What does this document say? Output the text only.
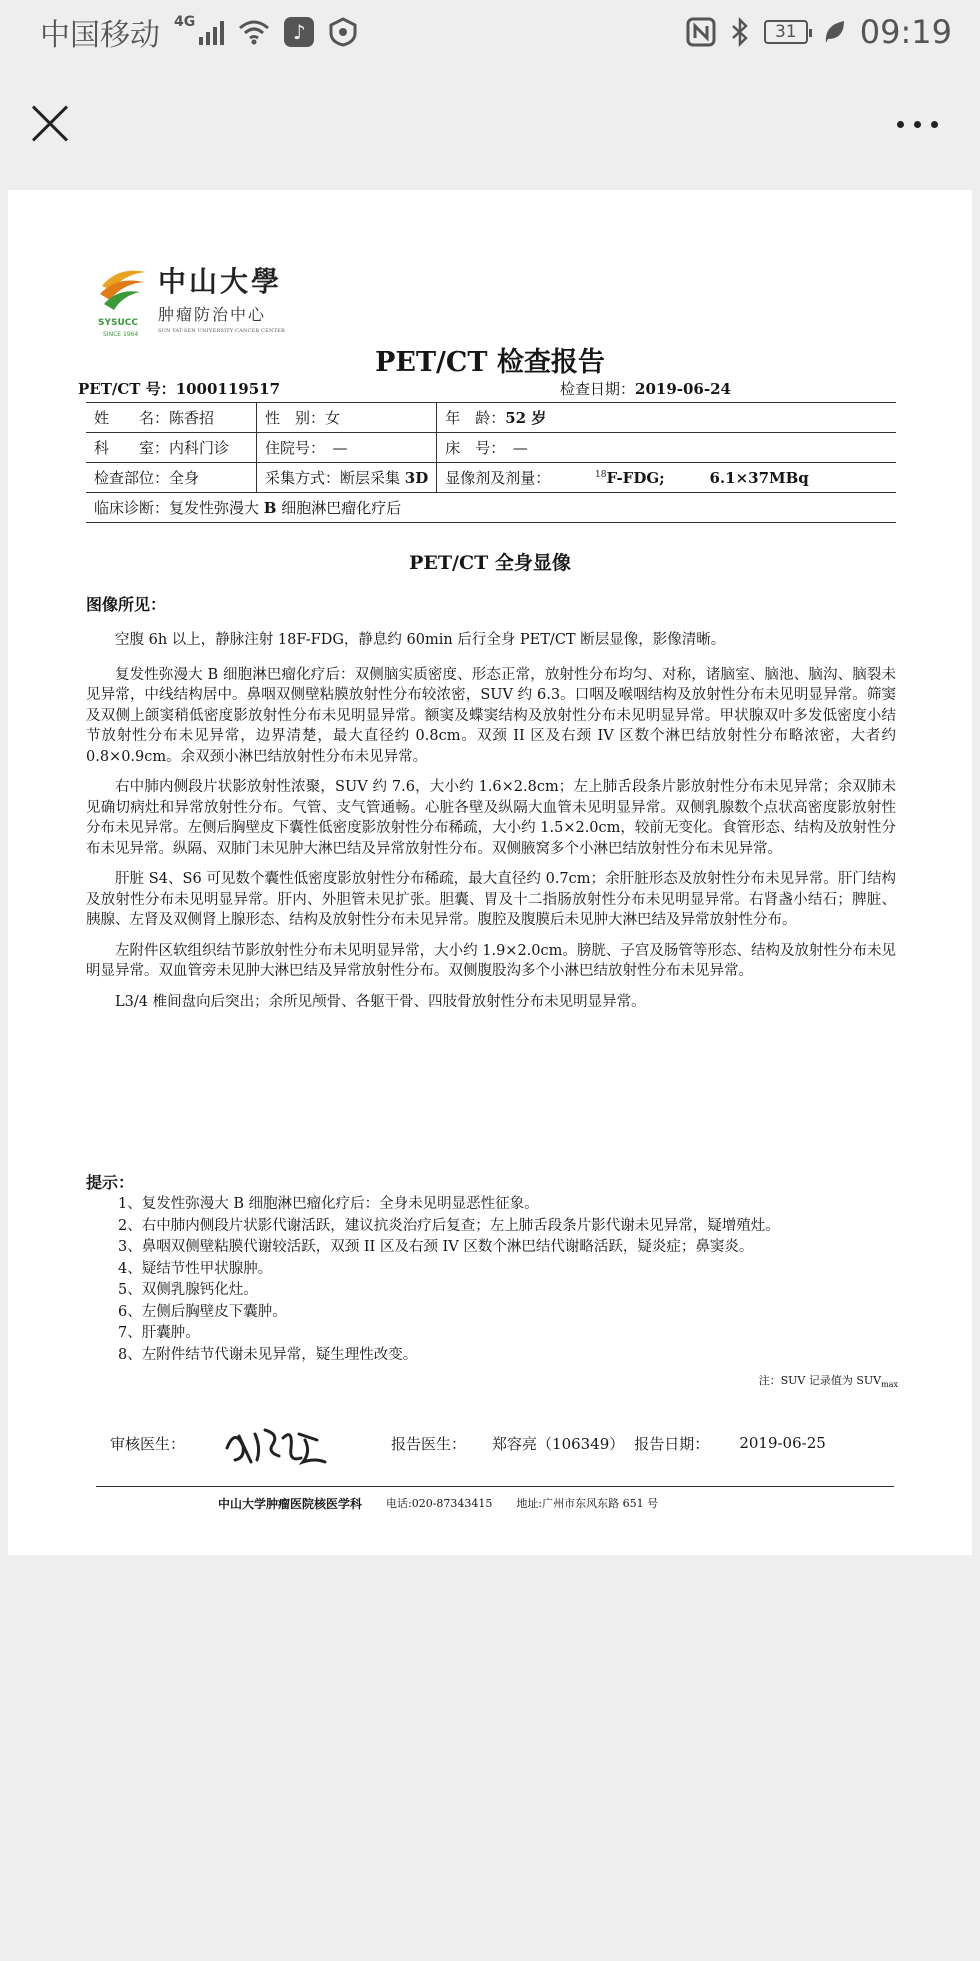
中国移动 4G	♪	31	09:19
中山大學
肿瘤防治中心
SUN YAT-SEN UNIVERSITY CANCER CENTER
SYSUCC
SINCE 1964
PET/CT 检查报告
PET/CT 号：1000119517	检查日期：2019-06-24
姓　　名：陈香招	性　别：女	年　龄：52 岁
科　　室：内科门诊	住院号：　—	床　号：　—
检查部位：全身	采集方式：断层采集 3D	显像剂及剂量： $^{18}$F-FDG; 6.1×37MBq
临床诊断：复发性弥漫大 B 细胞淋巴瘤化疗后		
PET/CT 全身显像
图像所见：

空腹 6h 以上，静脉注射 18F-FDG，静息约 60min 后行全身 PET/CT 断层显像，影像清晰。

复发性弥漫大 B 细胞淋巴瘤化疗后：双侧脑实质密度、形态正常，放射性分布均匀、对称，诸脑室、脑池、脑沟、脑裂未见异常，中线结构居中。鼻咽双侧壁粘膜放射性分布较浓密，SUV 约 6.3。口咽及喉咽结构及放射性分布未见明显异常。筛窦及双侧上颌窦稍低密度影放射性分布未见明显异常。额窦及蝶窦结构及放射性分布未见明显异常。甲状腺双叶多发低密度小结节放射性分布未见异常，边界清楚，最大直径约 0.8cm。双颈 II 区及右颈 IV 区数个淋巴结放射性分布略浓密，大者约 0.8×0.9cm。余双颈小淋巴结放射性分布未见异常。

右中肺内侧段片状影放射性浓聚，SUV 约 7.6，大小约 1.6×2.8cm；左上肺舌段条片影放射性分布未见异常；余双肺未见确切病灶和异常放射性分布。气管、支气管通畅。心脏各壁及纵隔大血管未见明显异常。双侧乳腺数个点状高密度影放射性分布未见异常。左侧后胸壁皮下囊性低密度影放射性分布稀疏，大小约 1.5×2.0cm，较前无变化。食管形态、结构及放射性分布未见异常。纵隔、双肺门未见肿大淋巴结及异常放射性分布。双侧腋窝多个小淋巴结放射性分布未见异常。

肝脏 S4、S6 可见数个囊性低密度影放射性分布稀疏，最大直径约 0.7cm；余肝脏形态及放射性分布未见异常。肝门结构及放射性分布未见明显异常。肝内、外胆管未见扩张。胆囊、胃及十二指肠放射性分布未见明显异常。右肾盏小结石；脾脏、胰腺、左肾及双侧肾上腺形态、结构及放射性分布未见异常。腹腔及腹膜后未见肿大淋巴结及异常放射性分布。

左附件区软组织结节影放射性分布未见明显异常，大小约 1.9×2.0cm。膀胱、子宫及肠管等形态、结构及放射性分布未见明显异常。双血管旁未见肿大淋巴结及异常放射性分布。双侧腹股沟多个小淋巴结放射性分布未见异常。

L3/4 椎间盘向后突出；余所见颅骨、各躯干骨、四肢骨放射性分布未见明显异常。

提示：
1、复发性弥漫大 B 细胞淋巴瘤化疗后：全身未见明显恶性征象。
2、右中肺内侧段片状影代谢活跃，建议抗炎治疗后复查；左上肺舌段条片影代谢未见异常，疑增殖灶。
3、鼻咽双侧壁粘膜代谢较活跃，双颈 II 区及右颈 IV 区数个淋巴结代谢略活跃，疑炎症；鼻窦炎。
4、疑结节性甲状腺肿。
5、双侧乳腺钙化灶。
6、左侧后胸壁皮下囊肿。
7、肝囊肿。
8、左附件结节代谢未见异常，疑生理性改变。
注：SUV 记录值为 $SUV_{max}$
审核医生：	报告医生： 郑容亮（106349） 报告日期： 2019-06-25
中山大学肿瘤医院核医学科 电话:020-87343415 地址:广州市东风东路 651 号
